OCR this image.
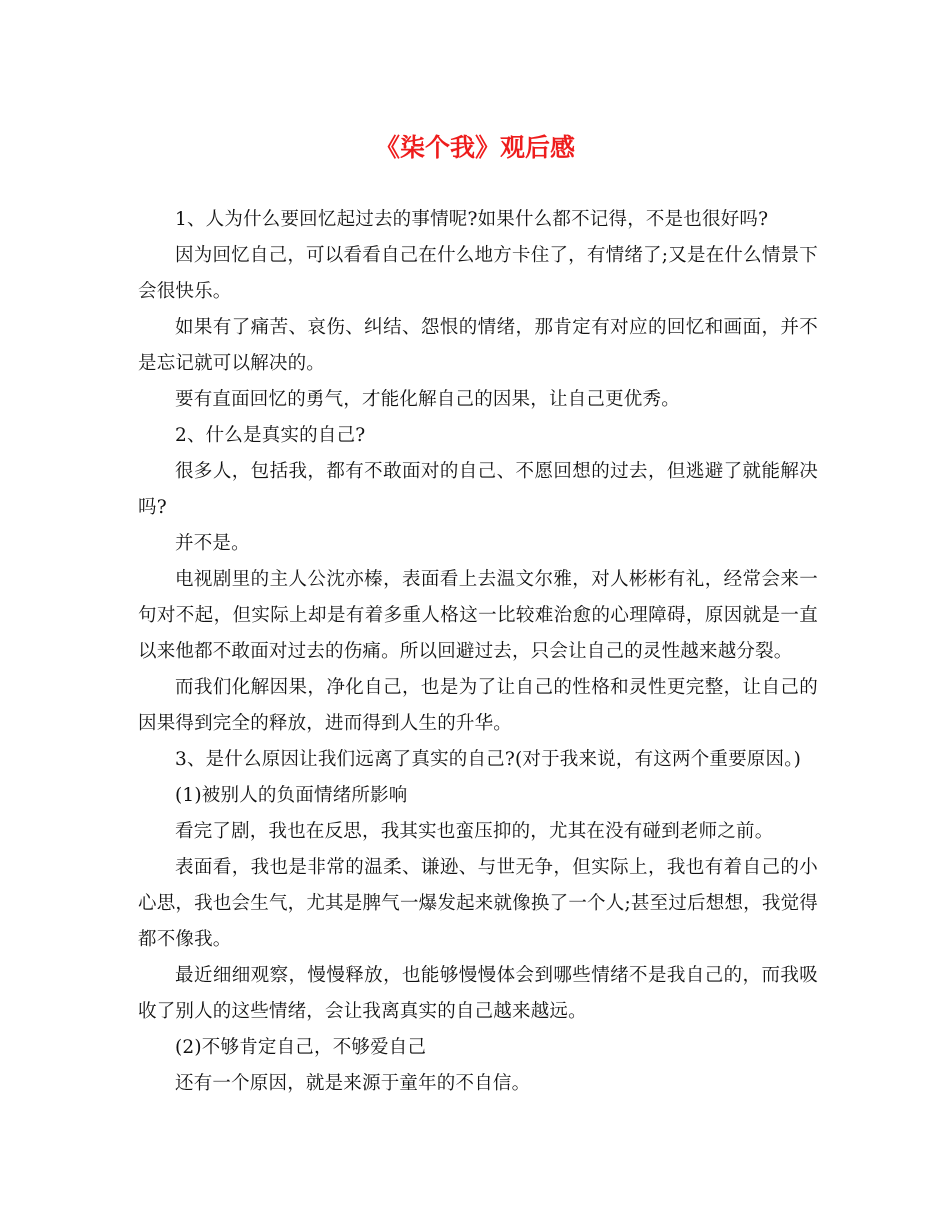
《柒个我》观后感

1、人为什么要回忆起过去的事情呢?如果什么都不记得，不是也很好吗?

因为回忆自己，可以看看自己在什么地方卡住了，有情绪了;又是在什么情景下会很快乐。

如果有了痛苦、哀伤、纠结、怨恨的情绪，那肯定有对应的回忆和画面，并不是忘记就可以解决的。

要有直面回忆的勇气，才能化解自己的因果，让自己更优秀。

2、什么是真实的自己?

很多人，包括我，都有不敢面对的自己、不愿回想的过去，但逃避了就能解决吗?

并不是。

电视剧里的主人公沈亦榛，表面看上去温文尔雅，对人彬彬有礼，经常会来一句对不起，但实际上却是有着多重人格这一比较难治愈的心理障碍，原因就是一直以来他都不敢面对过去的伤痛。所以回避过去，只会让自己的灵性越来越分裂。

而我们化解因果，净化自己，也是为了让自己的性格和灵性更完整，让自己的因果得到完全的释放，进而得到人生的升华。

3、是什么原因让我们远离了真实的自己?(对于我来说，有这两个重要原因。)

(1)被别人的负面情绪所影响

看完了剧，我也在反思，我其实也蛮压抑的，尤其在没有碰到老师之前。

表面看，我也是非常的温柔、谦逊、与世无争，但实际上，我也有着自己的小心思，我也会生气，尤其是脾气一爆发起来就像换了一个人;甚至过后想想，我觉得都不像我。

最近细细观察，慢慢释放，也能够慢慢体会到哪些情绪不是我自己的，而我吸收了别人的这些情绪，会让我离真实的自己越来越远。

(2)不够肯定自己，不够爱自己

还有一个原因，就是来源于童年的不自信。
